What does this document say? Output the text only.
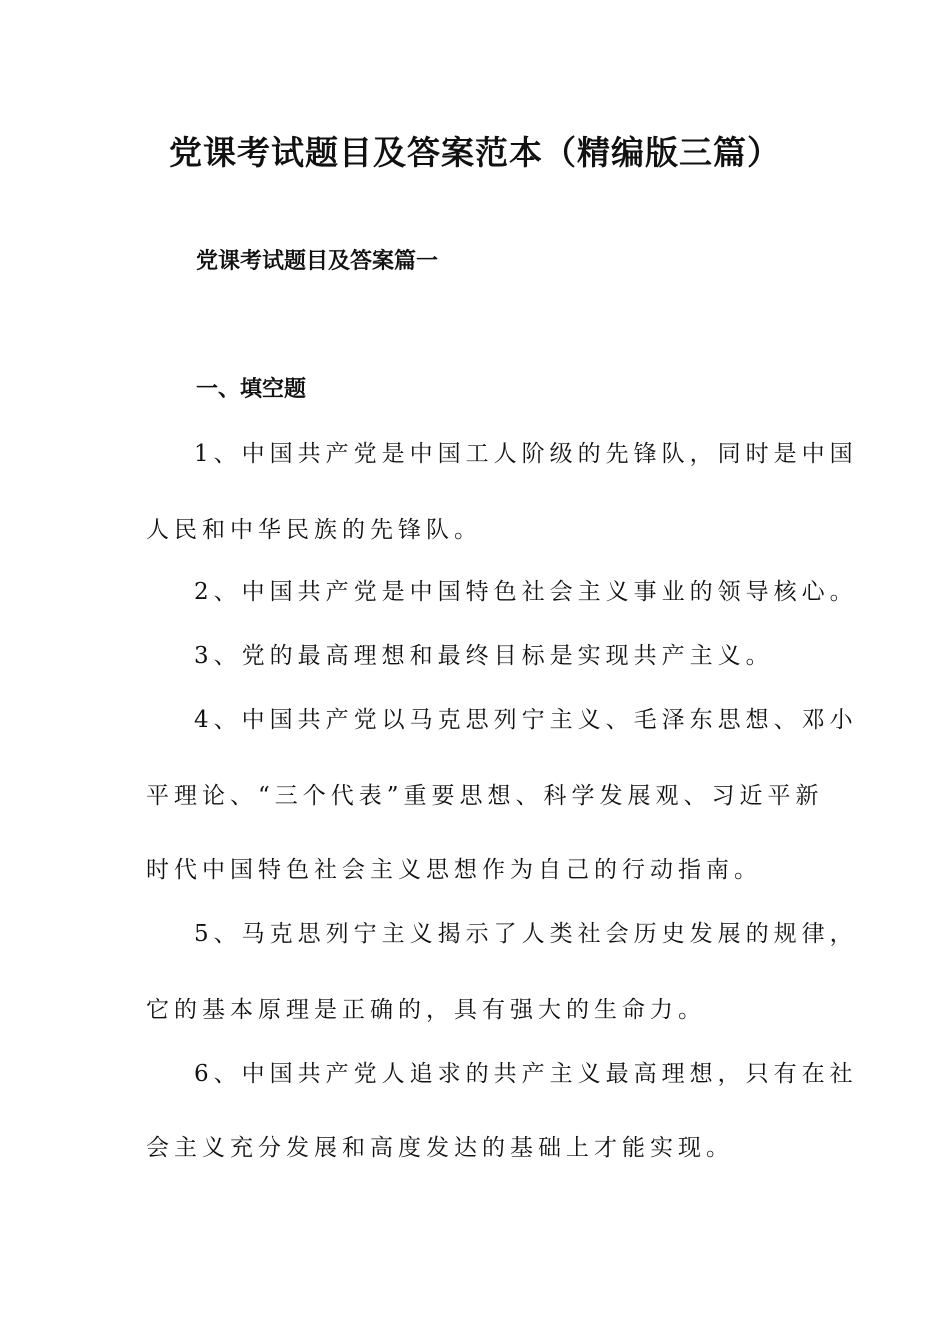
党课考试题目及答案范本（精编版三篇）
党课考试题目及答案篇一
一、填空题

1、中国共产党是中国工人阶级的先锋队，同时是中国

人民和中华民族的先锋队。

2、中国共产党是中国特色社会主义事业的领导核心。

3、党的最高理想和最终目标是实现共产主义。

4、中国共产党以马克思列宁主义、毛泽东思想、邓小

平理论、“三个代表”重要思想、科学发展观、习近平新

时代中国特色社会主义思想作为自己的行动指南。

5、马克思列宁主义揭示了人类社会历史发展的规律，

它的基本原理是正确的，具有强大的生命力。

6、中国共产党人追求的共产主义最高理想，只有在社

会主义充分发展和高度发达的基础上才能实现。
